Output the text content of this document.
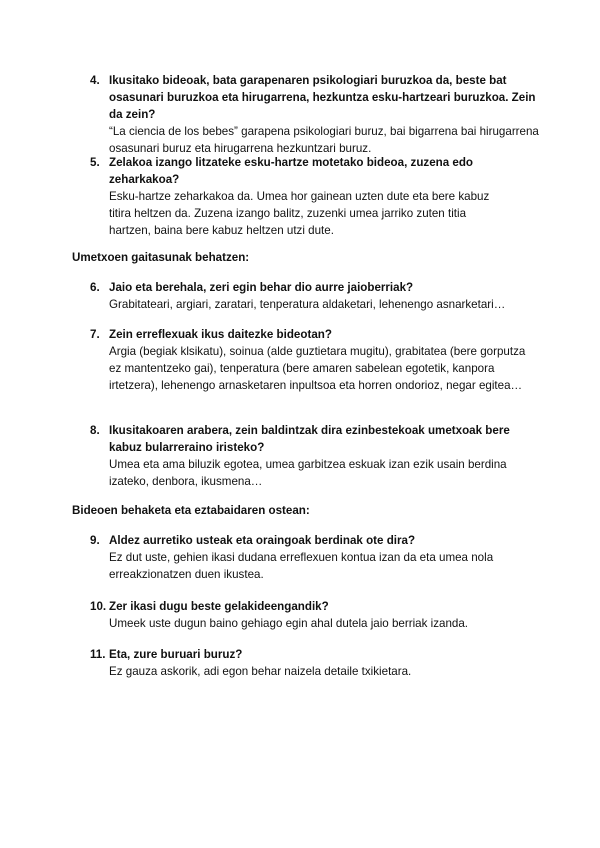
4. Ikusitako bideoak, bata garapenaren psikologiari buruzkoa da, beste bat osasunari buruzkoa eta hirugarrena, hezkuntza esku-hartzeari buruzkoa. Zein da zein?

“La ciencia de los bebes” garapena psikologiari buruz, bai bigarrena bai hirugarrena osasunari buruz eta hirugarrena hezkuntzari buruz.

5. Zelakoa izango litzateke esku-hartze motetako bideoa, zuzena edo zeharkakoa?

Esku-hartze zeharkakoa da. Umea hor gainean uzten dute eta bere kabuz titira heltzen da. Zuzena izango balitz, zuzenki umea jarriko zuten titia hartzen, baina bere kabuz heltzen utzi dute.

Umetxoen gaitasunak behatzen:

6. Jaio eta berehala, zeri egin behar dio aurre jaioberriak?

Grabitateari, argiari, zaratari, tenperatura aldaketari, lehenengo asnarketari…

7. Zein erreflexuak ikus daitezke bideotan?

Argia (begiak klsikatu), soinua (alde guztietara mugitu), grabitatea (bere gorputza ez mantentzeko gai), tenperatura (bere amaren sabelean egotetik, kanpora irtetzera), lehenengo arnasketaren inpultsoa eta horren ondorioz, negar egitea…

8. Ikusitakoaren arabera, zein baldintzak dira ezinbestekoak umetxoak bere kabuz bularreraino iristeko?

Umea eta ama biluzik egotea, umea garbitzea eskuak izan ezik usain berdina izateko, denbora, ikusmena…

Bideoen behaketa eta eztabaidaren ostean:

9. Aldez aurretiko usteak eta oraingoak berdinak ote dira?

Ez dut uste, gehien ikasi dudana erreflexuen kontua izan da eta umea nola erreakzionatzen duen ikustea.

10. Zer ikasi dugu beste gelakideengandik?

Umeek uste dugun baino gehiago egin ahal dutela jaio berriak izanda.

11. Eta, zure buruari buruz?

Ez gauza askorik, adi egon behar naizela detaile txikietara.
